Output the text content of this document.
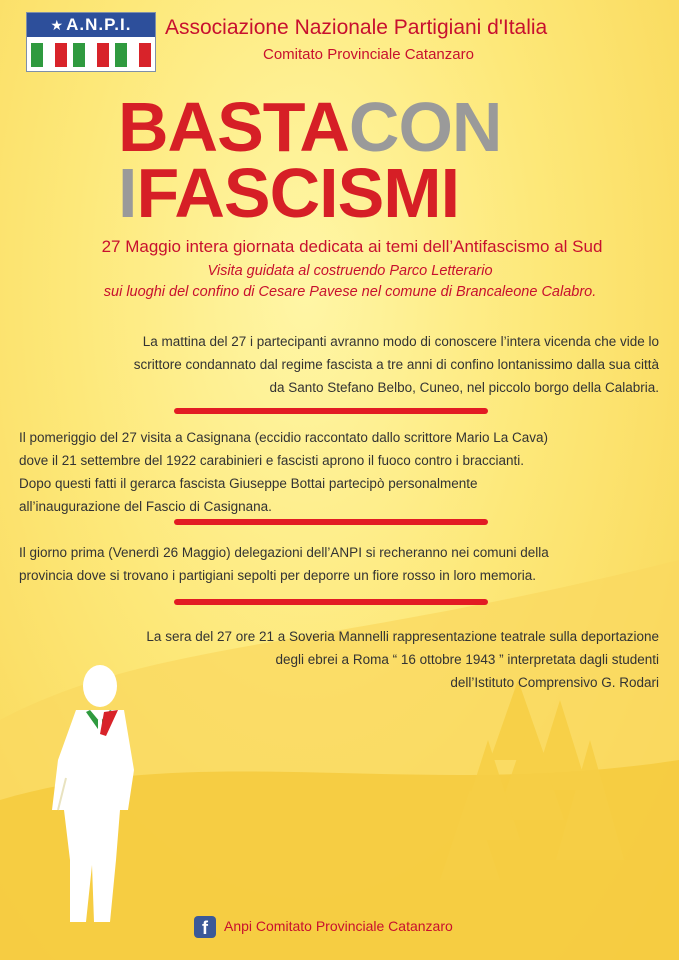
★ A.N.P.I.	Associazione Nazionale Partigiani d'Italia
Comitato Provinciale Catanzaro
BASTACON
IFASCISMI
27 Maggio intera giornata dedicata ai temi dell’Antifascismo al Sud
Visita guidata al costruendo Parco Letterario
sui luoghi del confino di Cesare Pavese nel comune di Brancaleone Calabro.
La mattina del 27 i partecipanti avranno modo di conoscere l’intera vicenda che vide lo
scrittore condannato dal regime fascista a tre anni di confino lontanissimo dalla sua città
da Santo Stefano Belbo, Cuneo, nel piccolo borgo della Calabria.
Il pomeriggio del 27 visita a Casignana (eccidio raccontato dallo scrittore Mario La Cava)
dove il 21 settembre del 1922 carabinieri e fascisti aprono il fuoco contro i braccianti.
Dopo questi fatti il gerarca fascista Giuseppe Bottai partecipò personalmente
all’inaugurazione del Fascio di Casignana.
Il giorno prima (Venerdì 26 Maggio) delegazioni dell’ANPI si recheranno nei comuni della
provincia dove si trovano i partigiani sepolti per deporre un fiore rosso in loro memoria.
La sera del 27 ore 21 a Soveria Mannelli rappresentazione teatrale sulla deportazione
degli ebrei a Roma “ 16 ottobre 1943 ” interpretata dagli studenti
dell’Istituto Comprensivo G. Rodari
f	Anpi Comitato Provinciale Catanzaro
